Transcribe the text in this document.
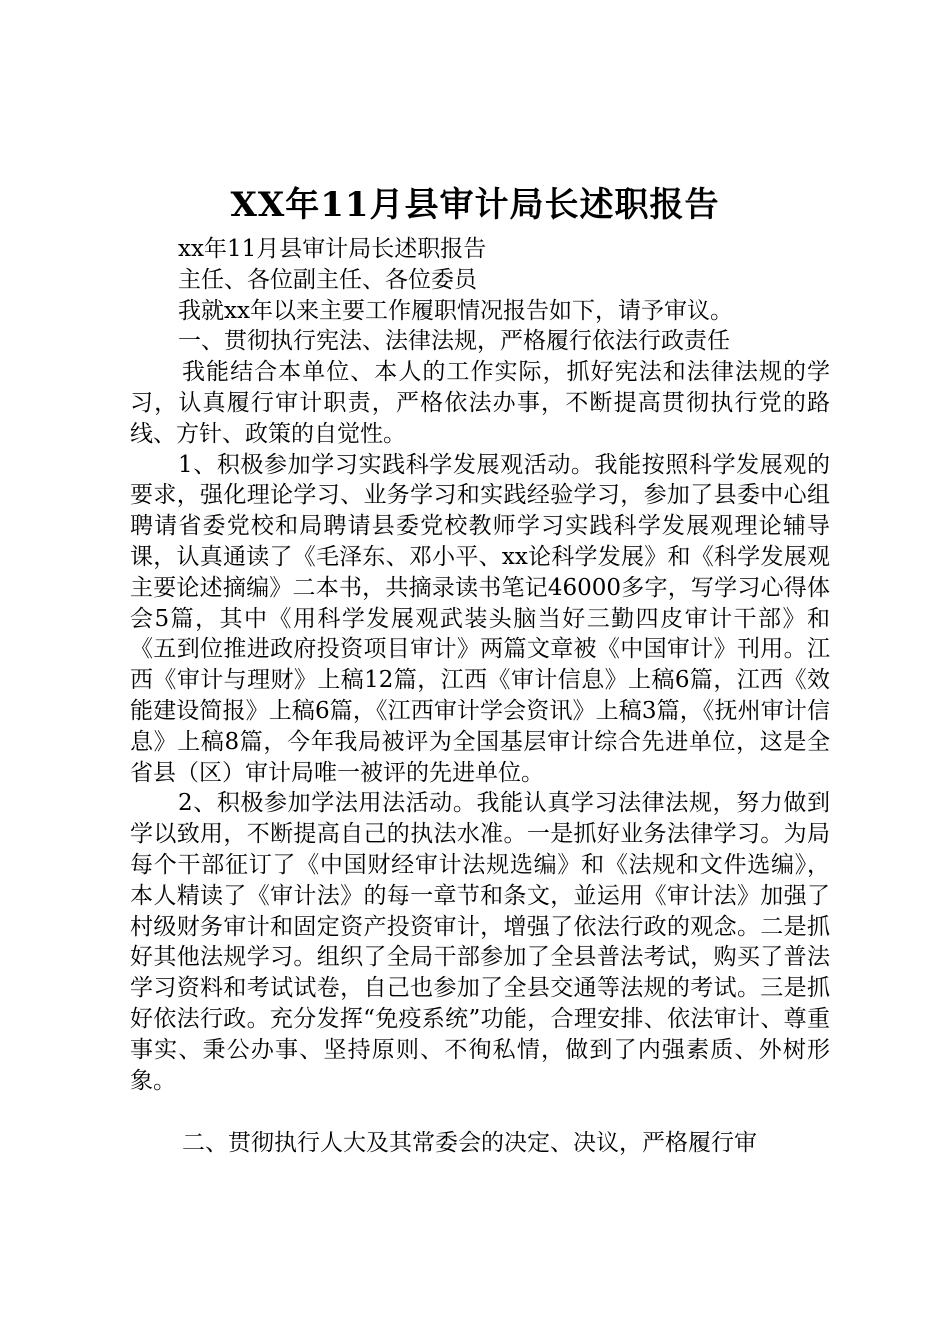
XX年11月县审计局长述职报告

xx年11月县审计局长述职报告

主任、各位副主任、各位委员

我就xx年以来主要工作履职情况报告如下，请予审议。

一、贯彻执行宪法、法律法规，严格履行依法行政责任

我能结合本单位、本人的工作实际，抓好宪法和法律法规的学习，认真履行审计职责，严格依法办事，不断提高贯彻执行党的路线、方针、政策的自觉性。

1、积极参加学习实践科学发展观活动。我能按照科学发展观的要求，强化理论学习、业务学习和实践经验学习，参加了县委中心组聘请省委党校和局聘请县委党校教师学习实践科学发展观理论辅导课，认真通读了《毛泽东、邓小平、xx论科学发展》和《科学发展观主要论述摘编》二本书，共摘录读书笔记46000多字，写学习心得体会5篇，其中《用科学发展观武装头脑当好三勤四皮审计干部》和《五到位推进政府投资项目审计》两篇文章被《中国审计》刊用。江西《审计与理财》上稿12篇，江西《审计信息》上稿6篇，江西《效能建设简报》上稿6篇，《江西审计学会资讯》上稿3篇，《抚州审计信息》上稿8篇，今年我局被评为全国基层审计综合先进单位，这是全省县（区）审计局唯一被评的先进单位。

2、积极参加学法用法活动。我能认真学习法律法规，努力做到学以致用，不断提高自己的执法水准。一是抓好业务法律学习。为局每个干部征订了《中国财经审计法规选编》和《法规和文件选编》，本人精读了《审计法》的每一章节和条文，並运用《审计法》加强了村级财务审计和固定资产投资审计，增强了依法行政的观念。二是抓好其他法规学习。组织了全局干部参加了全县普法考试，购买了普法学习资料和考试试卷，自己也参加了全县交通等法规的考试。三是抓好依法行政。充分发挥“免疫系统”功能，合理安排、依法审计、尊重事实、秉公办事、坚持原则、不徇私情，做到了内强素质、外树形象。

二、贯彻执行人大及其常委会的决定、决议，严格履行审
